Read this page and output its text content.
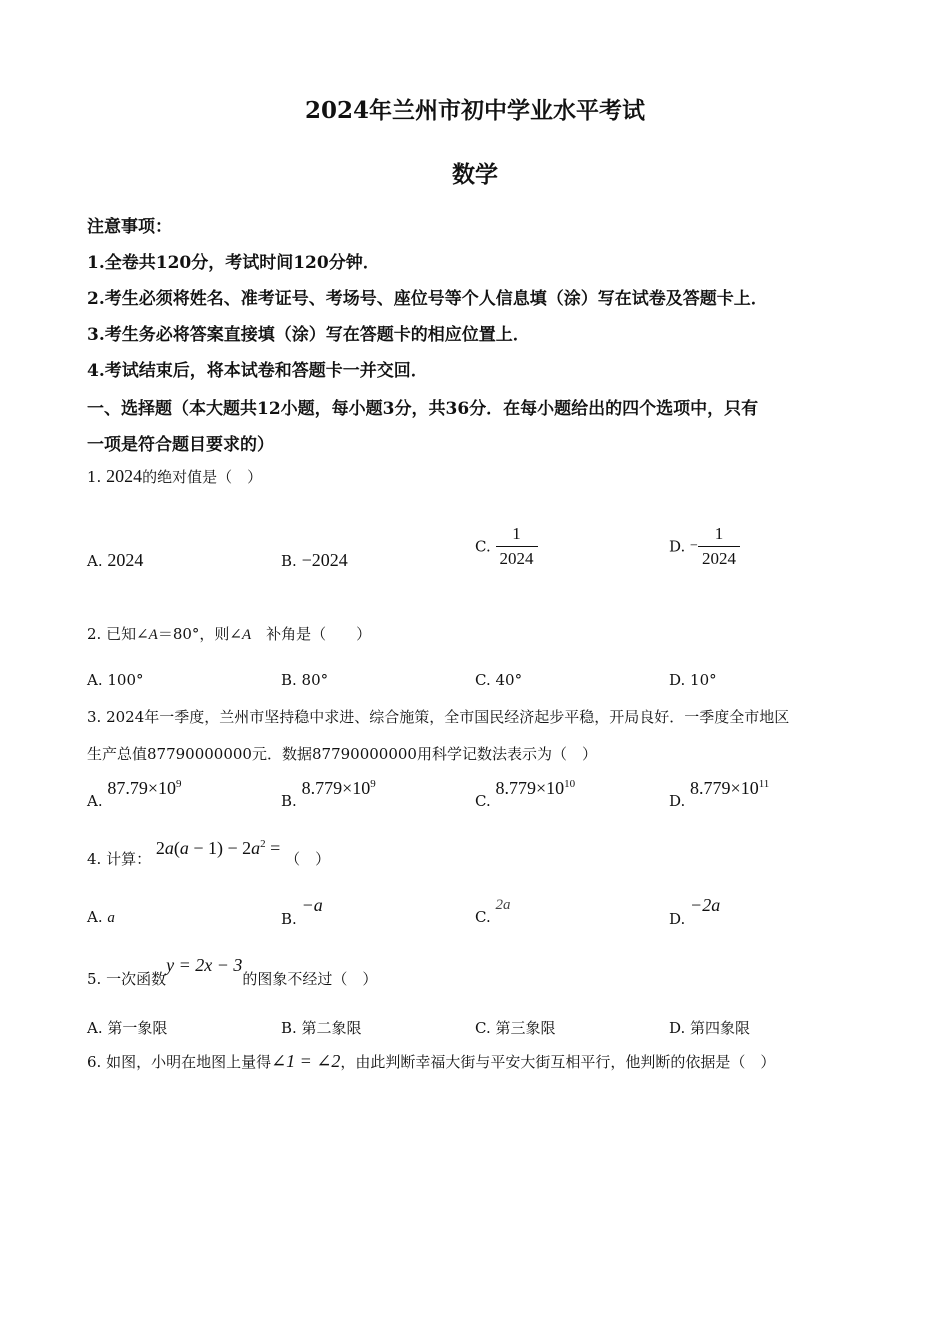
2024年兰州市初中学业水平考试
数学
注意事项：
1.全卷共120分，考试时间120分钟．
2.考生必须将姓名、准考证号、考场号、座位号等个人信息填（涂）写在试卷及答题卡上．
3.考生务必将答案直接填（涂）写在答题卡的相应位置上．
4.考试结束后，将本试卷和答题卡一并交回．
一、选择题（本大题共12小题，每小题3分，共36分．在每小题给出的四个选项中，只有
一项是符合题目要求的）
1. 2024的绝对值是（　）
A. 2024	B. −2024
C. $\frac{1}{2024}$	D. − $\frac{1}{2024}$
2. 已知∠A＝80°，则∠A　补角是（　　）
A. 100°	B. 80°	C. 40°	D. 10°
3. 2024年一季度，兰州市坚持稳中求进、综合施策，全市国民经济起步平稳，开局良好．一季度全市地区
生产总值87790000000元．数据87790000000用科学记数法表示为（　）
A. $87.79\times 10^9$
B. $8.779\times 10^9$
C. $8.779\times 10^{10}$
D. $8.779\times 10^{11}$
4. 计算： $2a(a - 1) - 2a^2$ = （　）
A. a	B. −a
C. 2a
D. −2a
5. 一次函数y = 2x − 3的图象不经过（　）
A. 第一象限	B. 第二象限	C. 第三象限	D. 第四象限
6. 如图，小明在地图上量得∠1 = ∠2，由此判断幸福大街与平安大街互相平行，他判断的依据是（　）
